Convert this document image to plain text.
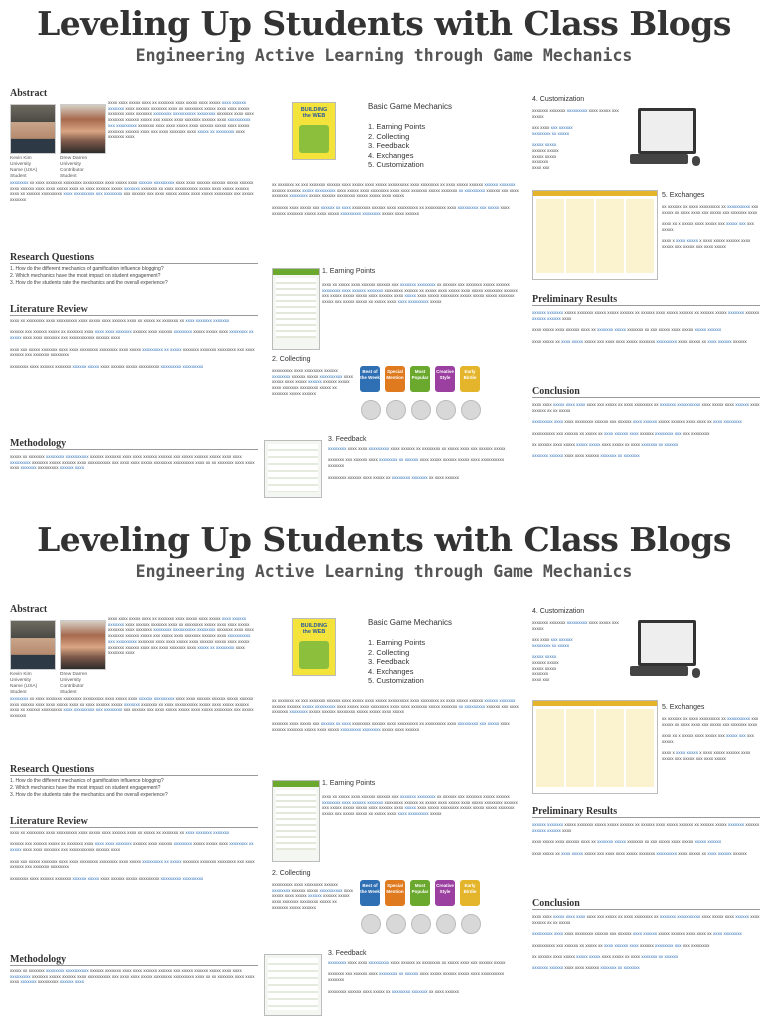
Leveling Up Students with Class Blogs
Engineering Active Learning through Game Mechanics
Abstract
Kevin Kim
University
Name (USA)
Student
Drew Darren
University
Contributor
Student
xxxx xxxx xxxxx xxxx xx xxxxxxx xxxx xxxxx xxxx xxxxx xxxx xxxxxx xxxxxxx xxxx xxxxxx xxxxxxx xxxx xx xxxxxxxx xxxxx xxxx xxxx xxxxx xxxxxxx xxxx xxxxxxx xxxxxxxx xxxxxxxxxx xxxxxxxx xxxxxxx xxxx xxxx xxxxxxx xxxxxx xxxxx xxx xxxxx xxxx xxxxxxx xxxxxx xxxx xxxxxxxxxx xxx xxxxxxxxx xxxxxxx xxxx xxxx xxxxx xxxx xxxxxx xxxxx xxxx xxxxx xxxxxxx xxxxxx xxxx xxx xxxx xxxxxxx xxxx xxxxx xx xxxxxxxx xxxx xxxxxxx xxxx
xxxxxxxx xx xxxx xxxxxxx xxxxxxxx xxxxxxxxx xxxx xxxxx xxxx xxxxxx xxxxxxxxx xxxx xxxx xxxxxx xxxxxx xxxxx xxxxxx xxxx xxxxxx xxxx xxxx xxxxx xxxx xx xxxx xxxxxx xxxxx xxxxxxx xxxxxxx xx xxxx xxxxxxxxxx xxxxx xxxx xxxxx xxxxxx xxxx xx xxxxxx xxxxxxxxx xxxx xxxxxxxxx xxx xxxxxxxx xxx xxxxxx xxx xxxx xxxxx xxxxx xxxx xxxxx xxxxxxxx xxx xxxxx xxxxxxx
Research Questions
1. How do the different mechanics of gamification influence blogging?
2. Which mechanics have the most impact on student engagement?
3. How do the students rate the mechanics and the overall experience?
Literature Review
xxxx xx xxxxxxxx xxxx xxxxxxxxx xxxx xxxxx xxxx xxxxxx xxxx xx xxxxx xx xxxxxxx xx xxxx xxxxxxx xxxxxxx

xxxxxx xxx xxxxxx xxxxx xx xxxxxxx xxxx xxxx xxxx xxxxxxx xxxxxx xxxx xxxxxx xxxxxxxx xxxxx xxxxx xxxx xxxxxxxx xx xxxxx xxxx xxxx xxxxxxx xxx xxxxxxxxxxx xxxxxx xxxx

xxxx xxx xxxxx xxxxxxx xxxx xxxx xxxxxxxx xxxxxxxx xxxx xxxxx xxxxxxxxx xx xxxxx xxxxxxx xxxxxxx xxxxxxxx xxx xxxx xxxxxx xxx xxxxxxx xxxxxxxx

xxxxxxxx xxxx xxxxxx xxxxxxx xxxxxx xxxxx xxxx xxxxxx xxxxx xxxxxxxxx xxxxxxxxx xxxxxxxxx
Methodology
xxxxx xx xxxxxxx xxxxxxxx xxxxxxxxxx xxxxxx xxxxxxx xxxx xxxx xxxxxx xxxxxx xxx xxxxx xxxxxx xxxxx xxxx xxxx xxxxxxxxx xxxxxxx xxxxx xxxxxx xxxx xxxxxxxxxx xxx xxxx xxxx xxxxx xxxxxxxx xxxxxxxxx xxxx xx xx xxxxxxx xxxx xxxx xxxx xxxxxxx xxxxxxxxx xxxxxx xxxx
BUILDING
the WEB
Basic Game Mechanics
1. Earning Points
2. Collecting
3. Feedback
4. Exchanges
5. Customization
xx xxxxxxx xx xxx xxxxxxx xxxxxx xxxx xxxxx xxxx xxxxx xxxxxxxxx xxxx xxxxxxxx xx xxxx xxxxx xxxxxx xxxxxx xxxxxxx xxxxxx xxxxxx xxxxx xxxxxxxxx xxxx xxxxx xxxx xxxxxxxx xxxx xxxx xxxxxxx xxxxx xxxxxxx xx xxxxxxxxx xxxxxx xxx xxxx xxxxxxx xxxxxxxx xxxxx xxxxxx xxxxxxxx xxxxx xxxxx xxxx xxxxx

xxxxxxx xxxx xxxxx xxx xxxxxx xx xxxx xxxxxxxx xxxxxx xxxx xxxxxxxxx xx xxxxxxxxx xxxx xxxxxxxxx xxx xxxxx xxxx xxxxxx xxxxxxx xxxxx xxxx xxxxx xxxxxxxxx xxxxxxxx xxxxx xxxx xxxxxx
1. Earning Points
xxxx xx xxxxx xxxx xxxxxx xxxxxx xxx xxxxxxx xxxxxxxx xx xxxxxx xxx xxxxxxx xxxxx xxxxxx xxxxxxxx xxxx xxxxxx xxxxxxx xxxxxxxx xxxxxx xx xxxxx xxxx xxxxx xxxx xxxxx xxxxxxxx xxxxxx xxx xxxxx xxxxx xxxxx xxxx xxxxxx xxxx xxxxx xxxx xxxxx xxxxxxxx xxxxx xxxxx xxxxx xxxxxxx xxxxx xxx xxxxx xxxxx xx xxxxx xxxx xxxx xxxxxxxxx xxxxx
2. Collecting
xxxxxxxxx xxxx xxxxxxxx xxxxxx xxxxxxxx xxxxxx xxxxx xxxxxxxxxx xxxx xxxxx xxxx xxxxx xxxxxx xxxxxx xxxxx xxxx xxxxxxx xxxxxxxx xxxxx xx xxxxxxx xxxxx xxxxxx
Best of the Week
Special Mention
Most Popular
Creative Style
Early Birdie
3. Feedback
xxxxxxxx xxxx xxxx xxxxxxxxx xxxx xxxxxx xx xxxxxxxx xx xxxxx xxxx xxx xxxxxx xxxxx

xxxxxxx xxx xxxxxx xxxx xxxxxxxx xx xxxxxx xxxx xxxxx xxxxxx xxxxx xxxx xxxxxxxxxx xxxxxxx

xxxxxxxx xxxxxx xxxx xxxxx xx xxxxxxxx xxxxxxx xx xxxx xxxxxx
4. Customization
xxxxxxx xxxxxxx xxxxxxxxx xxxx xxxxx xxx xxxxx

xxx xxxx xxx xxxxxx
xxxxxxxx xx xxxxx

xxxxx xxxxx
xxxxxx xxxxx
xxxxx xxxxx
xxxxxxx
xxxx xxx
5. Exchanges
xx xxxxxx xx xxxx xxxxxxxxx xx xxxxxxxxxx xxx xxxxx xx xxxx xxxx xxx xxxxx xxx xxxxxxx xxxx

xxxx xx x xxxxx xxxx xxxxx xxx xxxxx xxx xxx xxxxx

xxxx x xxxx xxxxx x xxxx xxxxx xxxxxx xxxx xxxxx xxx xxxxx xxx xxxx xxxxx
Preliminary Results
xxxxxx xxxxxxx xxxxx xxxxxxx xxxxx xxxxx xxxxxx xx xxxxxx xxxx xxxxx xxxxxx xx xxxxxx xxxxx xxxxxxx xxxxxx xxxxxx xxxxxx xxxx

xxxx xxxxx xxxx xxxxxx xxxx xx xxxxxxx xxxxx xxxxxxx xx xxx xxxxx xxxx xxxxx xxxxx xxxxxx

xxxx xxxxx xx xxxx xxxxx xxxxx xxx xxxx xxxx xxxxx xxxxxxx xxxxxxxxx xxxx xxxxx xx xxxx xxxxxx xxxxxx
Conclusion
xxxx xxxx xxxxx xxxx xxxx xxxx xxx xxxxx xx xxxx xxxxxxxx xx xxxxxxx xxxxxxxxxx xxxx xxxxx xxxx xxxxxx xxxx xxxxxx xx xx xxxxx

xxxxxxxxx xxxx xxxx xxxxxxxx xxxxxx xxx xxxxxx xxxx xxxxxx xxxxx xxxxxx xxxx xxxx xx xxxx xxxxxxxx

xxxxxxxxxx xxx xxxxxx xx xxxxx xx xxxx xxxxxx xxxx xxxxxx xxxxxxxx xxx xxx xxxxxxxx

xx xxxxxx xxxx xxxxx xxxxx xxxxx xxxx xxxxx xx xxxx xxxxxxx xx xxxxxx

xxxxxxx xxxxxx xxxx xxxx xxxxxx xxxxxxx xx xxxxxxx
Leveling Up Students with Class Blogs
Engineering Active Learning through Game Mechanics
Abstract
Kevin Kim
University
Name (USA)
Student
Drew Darren
University
Contributor
Student
xxxx xxxx xxxxx xxxx xx xxxxxxx xxxx xxxxx xxxx xxxxx xxxx xxxxxx xxxxxxx xxxx xxxxxx xxxxxxx xxxx xx xxxxxxxx xxxxx xxxx xxxx xxxxx xxxxxxx xxxx xxxxxxx xxxxxxxx xxxxxxxxxx xxxxxxxx xxxxxxx xxxx xxxx xxxxxxx xxxxxx xxxxx xxx xxxxx xxxx xxxxxxx xxxxxx xxxx xxxxxxxxxx xxx xxxxxxxxx xxxxxxx xxxx xxxx xxxxx xxxx xxxxxx xxxxx xxxx xxxxx xxxxxxx xxxxxx xxxx xxx xxxx xxxxxxx xxxx xxxxx xx xxxxxxxx xxxx xxxxxxx xxxx
xxxxxxxx xx xxxx xxxxxxx xxxxxxxx xxxxxxxxx xxxx xxxxx xxxx xxxxxx xxxxxxxxx xxxx xxxx xxxxxx xxxxxx xxxxx xxxxxx xxxx xxxxxx xxxx xxxx xxxxx xxxx xx xxxx xxxxxx xxxxx xxxxxxx xxxxxxx xx xxxx xxxxxxxxxx xxxxx xxxx xxxxx xxxxxx xxxx xx xxxxxx xxxxxxxxx xxxx xxxxxxxxx xxx xxxxxxxx xxx xxxxxx xxx xxxx xxxxx xxxxx xxxx xxxxx xxxxxxxx xxx xxxxx xxxxxxx
Research Questions
1. How do the different mechanics of gamification influence blogging?
2. Which mechanics have the most impact on student engagement?
3. How do the students rate the mechanics and the overall experience?
Literature Review
xxxx xx xxxxxxxx xxxx xxxxxxxxx xxxx xxxxx xxxx xxxxxx xxxx xx xxxxx xx xxxxxxx xx xxxx xxxxxxx xxxxxxx

xxxxxx xxx xxxxxx xxxxx xx xxxxxxx xxxx xxxx xxxx xxxxxxx xxxxxx xxxx xxxxxx xxxxxxxx xxxxx xxxxx xxxx xxxxxxxx xx xxxxx xxxx xxxx xxxxxxx xxx xxxxxxxxxxx xxxxxx xxxx

xxxx xxx xxxxx xxxxxxx xxxx xxxx xxxxxxxx xxxxxxxx xxxx xxxxx xxxxxxxxx xx xxxxx xxxxxxx xxxxxxx xxxxxxxx xxx xxxx xxxxxx xxx xxxxxxx xxxxxxxx

xxxxxxxx xxxx xxxxxx xxxxxxx xxxxxx xxxxx xxxx xxxxxx xxxxx xxxxxxxxx xxxxxxxxx xxxxxxxxx
Methodology
xxxxx xx xxxxxxx xxxxxxxx xxxxxxxxxx xxxxxx xxxxxxx xxxx xxxx xxxxxx xxxxxx xxx xxxxx xxxxxx xxxxx xxxx xxxx xxxxxxxxx xxxxxxx xxxxx xxxxxx xxxx xxxxxxxxxx xxx xxxx xxxx xxxxx xxxxxxxx xxxxxxxxx xxxx xx xx xxxxxxx xxxx xxxx xxxx xxxxxxx xxxxxxxxx xxxxxx xxxx
BUILDING
the WEB
Basic Game Mechanics
1. Earning Points
2. Collecting
3. Feedback
4. Exchanges
5. Customization
xx xxxxxxx xx xxx xxxxxxx xxxxxx xxxx xxxxx xxxx xxxxx xxxxxxxxx xxxx xxxxxxxx xx xxxx xxxxx xxxxxx xxxxxx xxxxxxx xxxxxx xxxxxx xxxxx xxxxxxxxx xxxx xxxxx xxxx xxxxxxxx xxxx xxxx xxxxxxx xxxxx xxxxxxx xx xxxxxxxxx xxxxxx xxx xxxx xxxxxxx xxxxxxxx xxxxx xxxxxx xxxxxxxx xxxxx xxxxx xxxx xxxxx

xxxxxxx xxxx xxxxx xxx xxxxxx xx xxxx xxxxxxxx xxxxxx xxxx xxxxxxxxx xx xxxxxxxxx xxxx xxxxxxxxx xxx xxxxx xxxx xxxxxx xxxxxxx xxxxx xxxx xxxxx xxxxxxxxx xxxxxxxx xxxxx xxxx xxxxxx
1. Earning Points
xxxx xx xxxxx xxxx xxxxxx xxxxxx xxx xxxxxxx xxxxxxxx xx xxxxxx xxx xxxxxxx xxxxx xxxxxx xxxxxxxx xxxx xxxxxx xxxxxxx xxxxxxxx xxxxxx xx xxxxx xxxx xxxxx xxxx xxxxx xxxxxxxx xxxxxx xxx xxxxx xxxxx xxxxx xxxx xxxxxx xxxx xxxxx xxxx xxxxx xxxxxxxx xxxxx xxxxx xxxxx xxxxxxx xxxxx xxx xxxxx xxxxx xx xxxxx xxxx xxxx xxxxxxxxx xxxxx
2. Collecting
xxxxxxxxx xxxx xxxxxxxx xxxxxx xxxxxxxx xxxxxx xxxxx xxxxxxxxxx xxxx xxxxx xxxx xxxxx xxxxxx xxxxxx xxxxx xxxx xxxxxxx xxxxxxxx xxxxx xx xxxxxxx xxxxx xxxxxx
Best of the Week
Special Mention
Most Popular
Creative Style
Early Birdie
3. Feedback
xxxxxxxx xxxx xxxx xxxxxxxxx xxxx xxxxxx xx xxxxxxxx xx xxxxx xxxx xxx xxxxxx xxxxx

xxxxxxx xxx xxxxxx xxxx xxxxxxxx xx xxxxxx xxxx xxxxx xxxxxx xxxxx xxxx xxxxxxxxxx xxxxxxx

xxxxxxxx xxxxxx xxxx xxxxx xx xxxxxxxx xxxxxxx xx xxxx xxxxxx
4. Customization
xxxxxxx xxxxxxx xxxxxxxxx xxxx xxxxx xxx xxxxx

xxx xxxx xxx xxxxxx
xxxxxxxx xx xxxxx

xxxxx xxxxx
xxxxxx xxxxx
xxxxx xxxxx
xxxxxxx
xxxx xxx
5. Exchanges
xx xxxxxx xx xxxx xxxxxxxxx xx xxxxxxxxxx xxx xxxxx xx xxxx xxxx xxx xxxxx xxx xxxxxxx xxxx

xxxx xx x xxxxx xxxx xxxxx xxx xxxxx xxx xxx xxxxx

xxxx x xxxx xxxxx x xxxx xxxxx xxxxxx xxxx xxxxx xxx xxxxx xxx xxxx xxxxx
Preliminary Results
xxxxxx xxxxxxx xxxxx xxxxxxx xxxxx xxxxx xxxxxx xx xxxxxx xxxx xxxxx xxxxxx xx xxxxxx xxxxx xxxxxxx xxxxxx xxxxxx xxxxxx xxxx

xxxx xxxxx xxxx xxxxxx xxxx xx xxxxxxx xxxxx xxxxxxx xx xxx xxxxx xxxx xxxxx xxxxx xxxxxx

xxxx xxxxx xx xxxx xxxxx xxxxx xxx xxxx xxxx xxxxx xxxxxxx xxxxxxxxx xxxx xxxxx xx xxxx xxxxxx xxxxxx
Conclusion
xxxx xxxx xxxxx xxxx xxxx xxxx xxx xxxxx xx xxxx xxxxxxxx xx xxxxxxx xxxxxxxxxx xxxx xxxxx xxxx xxxxxx xxxx xxxxxx xx xx xxxxx

xxxxxxxxx xxxx xxxx xxxxxxxx xxxxxx xxx xxxxxx xxxx xxxxxx xxxxx xxxxxx xxxx xxxx xx xxxx xxxxxxxx

xxxxxxxxxx xxx xxxxxx xx xxxxx xx xxxx xxxxxx xxxx xxxxxx xxxxxxxx xxx xxx xxxxxxxx

xx xxxxxx xxxx xxxxx xxxxx xxxxx xxxx xxxxx xx xxxx xxxxxxx xx xxxxxx

xxxxxxx xxxxxx xxxx xxxx xxxxxx xxxxxxx xx xxxxxxx
